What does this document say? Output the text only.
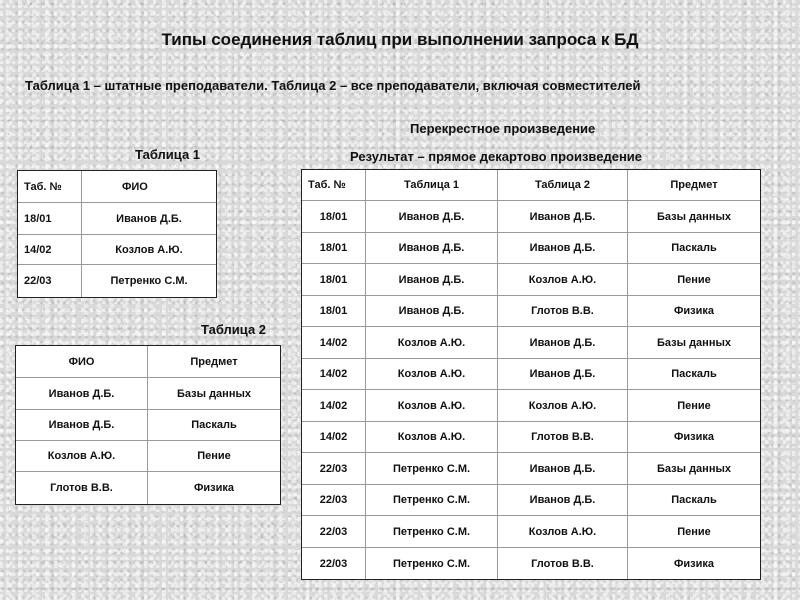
Типы соединения таблиц при выполнении запроса к БД
Таблица 1 – штатные преподаватели. Таблица 2 – все преподаватели, включая совместителей
Таблица 1
Таблица 2
Перекрестное произведение
Результат – прямое декартово произведение
Таб. №	ФИО
18/01	Иванов Д.Б.
14/02	Козлов А.Ю.
22/03	Петренко С.М.
ФИО	Предмет
Иванов Д.Б.	Базы данных
Иванов Д.Б.	Паскаль
Козлов А.Ю.	Пение
Глотов В.В.	Физика
Таб. №	Таблица 1	Таблица 2	Предмет
18/01	Иванов Д.Б.	Иванов Д.Б.	Базы данных
18/01	Иванов Д.Б.	Иванов Д.Б.	Паскаль
18/01	Иванов Д.Б.	Козлов А.Ю.	Пение
18/01	Иванов Д.Б.	Глотов В.В.	Физика
14/02	Козлов А.Ю.	Иванов Д.Б.	Базы данных
14/02	Козлов А.Ю.	Иванов Д.Б.	Паскаль
14/02	Козлов А.Ю.	Козлов А.Ю.	Пение
14/02	Козлов А.Ю.	Глотов В.В.	Физика
22/03	Петренко С.М.	Иванов Д.Б.	Базы данных
22/03	Петренко С.М.	Иванов Д.Б.	Паскаль
22/03	Петренко С.М.	Козлов А.Ю.	Пение
22/03	Петренко С.М.	Глотов В.В.	Физика
